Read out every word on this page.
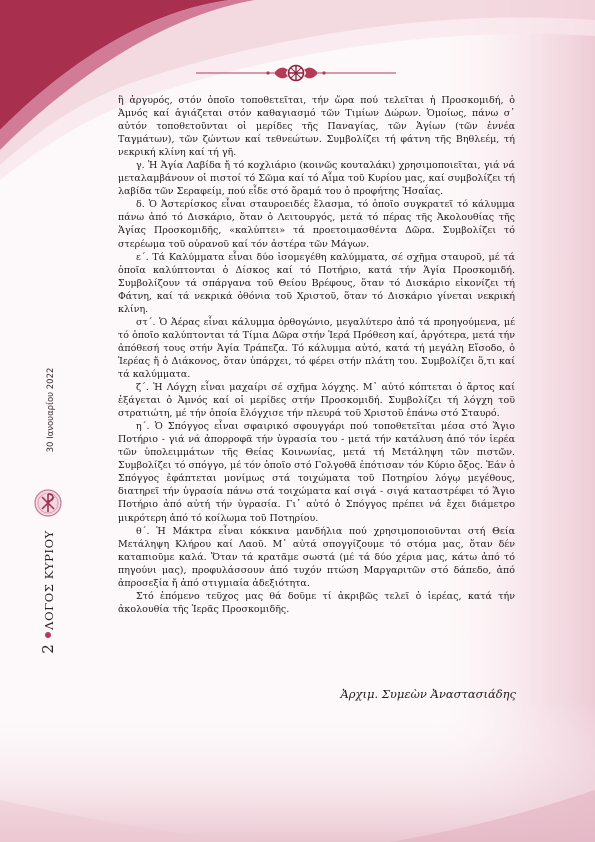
ἢ ἀργυρός, στόν ὁποῖο τοποθετεῖται, τήν ὥρα πού τελεῖται ἡ Προσκομιδή, ὁ Ἀμνός καί ἁγιάζεται στόν καθαγιασμό τῶν Τιμίων Δώρων. Ὁμοίως, πάνω σ᾽ αὐτόν τοποθετοῦνται οἱ μερίδες τῆς Παναγίας, τῶν Ἁγίων (τῶν ἐννέα Ταγμάτων), τῶν ζώντων καί τεθνεώτων. Συμβολίζει τή φάτνη τῆς Βηθλεέμ, τή νεκρική κλίνη καί τή γῆ.

γ. Ἡ Ἁγία Λαβίδα ἤ τό κοχλιάριο (κοινῶς κουταλάκι) χρησιμοποιεῖται, γιά νά μεταλαμβάνουν οἱ πιστοί τό Σῶμα καί τό Αἷμα τοῦ Κυρίου μας, καί συμβολίζει τή λαβίδα τῶν Σεραφείμ, πού εἶδε στό ὅραμά του ὁ προφήτης Ἠσαΐας.

δ. Ὁ Ἀστερίσκος εἶναι σταυροειδές ἔλασμα, τό ὁποῖο συγκρατεῖ τό κάλυμμα πάνω ἀπό τό Δισκάριο, ὅταν ὁ Λειτουργός, μετά τό πέρας τῆς Ἀκολουθίας τῆς Ἁγίας Προσκομιδῆς, «καλύπτει» τά προετοιμασθέντα Δῶρα. Συμβολίζει τό στερέωμα τοῦ οὐρανοῦ καί τόν ἀστέρα τῶν Μάγων.

ε΄. Τά Καλύμματα εἶναι δύο ἰσομεγέθη καλύμματα, σέ σχῆμα σταυροῦ, μέ τά ὁποῖα καλύπτονται ὁ Δίσκος καί τό Ποτήριο, κατά τήν Ἁγία Προσκομιδή. Συμβολίζουν τά σπάργανα τοῦ Θείου Βρέφους, ὅταν τό Δισκάριο εἰκονίζει τή Φάτνη, καί τά νεκρικά ὀθόνια τοῦ Χριστοῦ, ὅταν τό Δισκάριο γίνεται νεκρική κλίνη.

στ΄. Ὁ Ἀέρας εἶναι κάλυμμα ὀρθογώνιο, μεγαλύτερο ἀπό τά προηγούμενα, μέ τό ὁποῖο καλύπτονται τά Τίμια Δῶρα στήν Ἱερά Πρόθεση καί, ἀργότερα, μετά τήν ἀπόθεσή τους στήν Ἁγία Τράπεζα. Τό κάλυμμα αὐτό, κατά τή μεγάλη Εἴσοδο, ὁ Ἱερέας ἤ ὁ Διάκονος, ὅταν ὑπάρχει, τό φέρει στήν πλάτη του. Συμβολίζει ὅ,τι καί τά καλύμματα.

ζ΄. Ἡ Λόγχη εἶναι μαχαίρι σέ σχῆμα λόγχης. Μ᾽ αὐτό κόπτεται ὁ ἄρτος καί ἐξάγεται ὁ Ἀμνός καί οἱ μερίδες στήν Προσκομιδή. Συμβολίζει τή λόγχη τοῦ στρατιώτη, μέ τήν ὁποία ἔλόγχισε τήν πλευρά τοῦ Χριστοῦ ἐπάνω στό Σταυρό.

η΄. Ὁ Σπόγγος εἶναι σφαιρικό σφουγγάρι πού τοποθετεῖται μέσα στό Ἅγιο Ποτήριο - γιά νά ἀπορροφᾶ τήν ὑγρασία του - μετά τήν κατάλυση ἀπό τόν ἱερέα τῶν ὑπολειμμάτων τῆς Θείας Κοινωνίας, μετά τή Μετάληψη τῶν πιστῶν. Συμβολίζει τό σπόγγο, μέ τόν ὁποῖο στό Γολγοθᾶ ἐπότισαν τόν Κύριο ὄξος. Ἐάν ὁ Σπόγγος ἐφάπτεται μονίμως στά τοιχώματα τοῦ Ποτηρίου λόγῳ μεγέθους, διατηρεῖ τήν ὑγρασία πάνω στά τοιχώματα καί σιγά - σιγά καταστρέφει τό Ἅγιο Ποτήριο ἀπό αὐτή τήν ὑγρασία. Γι᾽ αὐτό ὁ Σπόγγος πρέπει νά ἔχει διάμετρο μικρότερη ἀπό τό κοίλωμα τοῦ Ποτηρίου.

θ΄. Ἡ Μάκτρα εἶναι κόκκινα μανδήλια πού χρησιμοποιοῦνται στή Θεία Μετάληψη Κλήρου καί Λαοῦ. Μ᾽ αὐτά σπογγίζουμε τό στόμα μας, ὅταν δέν καταπιοῦμε καλά. Ὅταν τά κρατᾶμε σωστά (μέ τά δύο χέρια μας, κάτω ἀπό τό πηγούνι μας), προφυλάσσουν ἀπό τυχόν πτώση Μαργαριτῶν στό δάπεδο, ἀπό ἀπροσεξία ἤ ἀπό στιγμιαία ἀδεξιότητα.

Στό ἑπόμενο τεῦχος μας θά δοῦμε τί ἀκριβῶς τελεῖ ὁ ἱερέας, κατά τήν ἀκολουθία τῆς Ἱερᾶς Προσκομιδῆς.

Ἀρχιμ. Συμεὼν Ἀναστασιάδης
30 Ιανουαρίου 2022
ΛΟΓΟΣ ΚΥΡΙΟΥ
2
